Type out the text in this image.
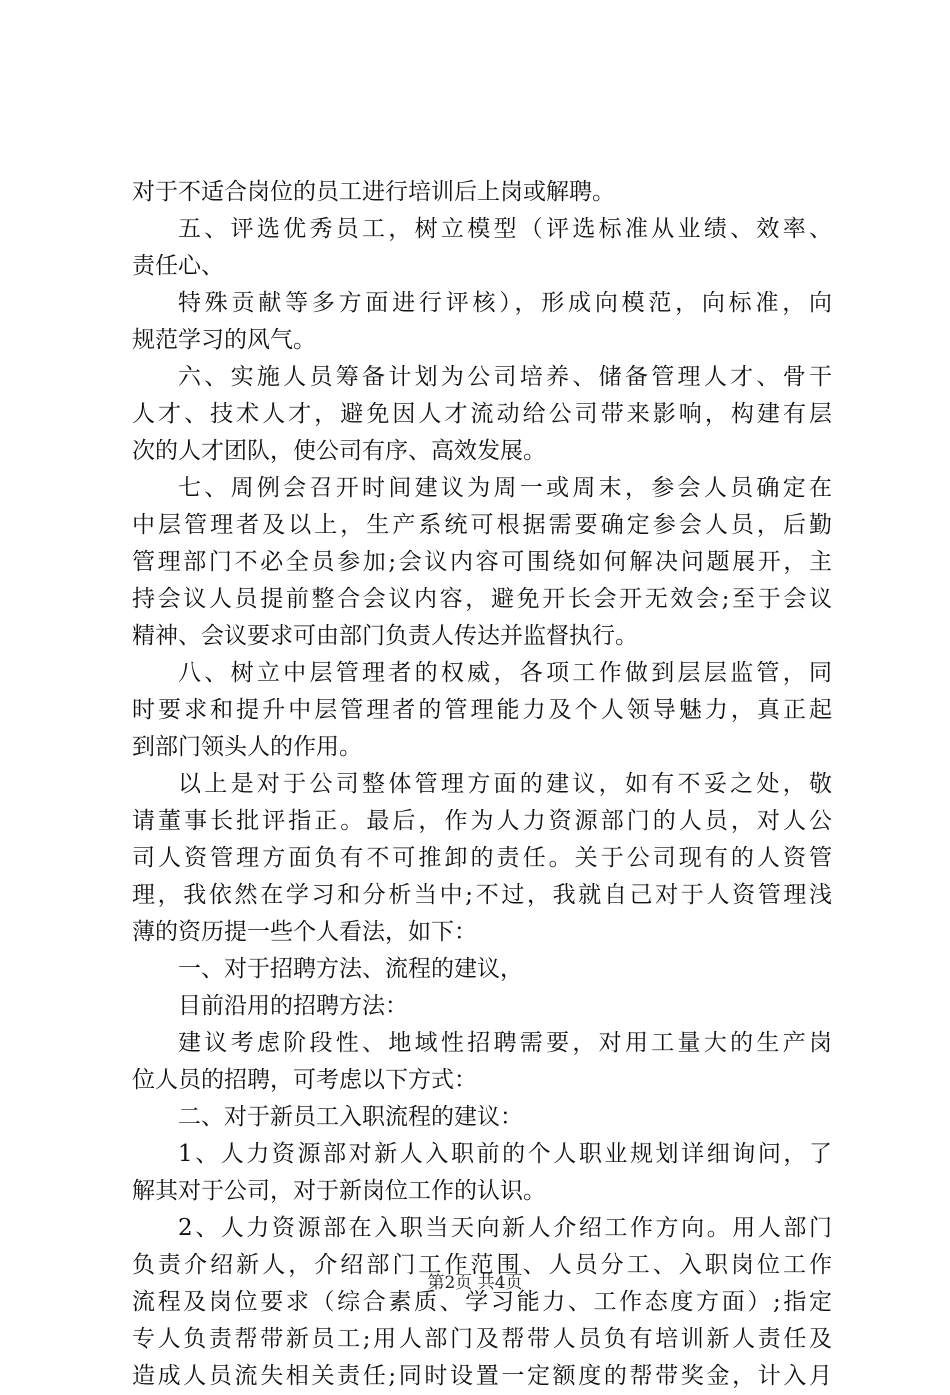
对于不适合岗位的员工进行培训后上岗或解聘。
五、评选优秀员工，树立模型（评选标准从业绩、效率、
责任心、
特殊贡献等多方面进行评核），形成向模范，向标准，向
规范学习的风气。
六、实施人员筹备计划为公司培养、储备管理人才、骨干
人才、技术人才，避免因人才流动给公司带来影响，构建有层
次的人才团队，使公司有序、高效发展。
七、周例会召开时间建议为周一或周末，参会人员确定在
中层管理者及以上，生产系统可根据需要确定参会人员，后勤
管理部门不必全员参加;会议内容可围绕如何解决问题展开，主
持会议人员提前整合会议内容，避免开长会开无效会;至于会议
精神、会议要求可由部门负责人传达并监督执行。
八、树立中层管理者的权威，各项工作做到层层监管，同
时要求和提升中层管理者的管理能力及个人领导魅力，真正起
到部门领头人的作用。
以上是对于公司整体管理方面的建议，如有不妥之处，敬
请董事长批评指正。最后，作为人力资源部门的人员，对人公
司人资管理方面负有不可推卸的责任。关于公司现有的人资管
理，我依然在学习和分析当中;不过，我就自己对于人资管理浅
薄的资历提一些个人看法，如下：
一、对于招聘方法、流程的建议，
目前沿用的招聘方法：
建议考虑阶段性、地域性招聘需要，对用工量大的生产岗
位人员的招聘，可考虑以下方式：
二、对于新员工入职流程的建议：
1、人力资源部对新人入职前的个人职业规划详细询问，了
解其对于公司，对于新岗位工作的认识。
2、人力资源部在入职当天向新人介绍工作方向。用人部门
负责介绍新人，介绍部门工作范围、人员分工、入职岗位工作
流程及岗位要求（综合素质、学习能力、工作态度方面）;指定
专人负责帮带新员工;用人部门及帮带人员负有培训新人责任及
造成人员流失相关责任;同时设置一定额度的帮带奖金，计入月
第2页 共4页
